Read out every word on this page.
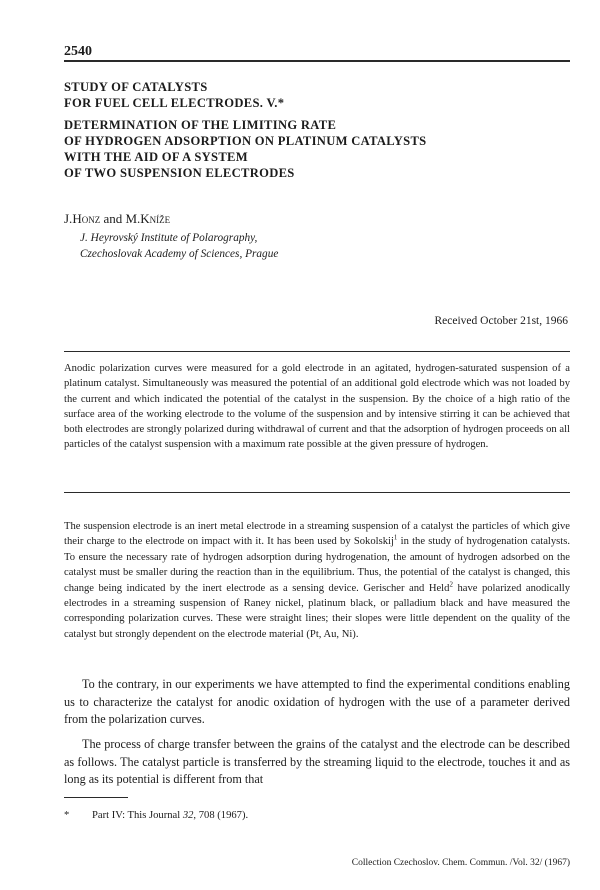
2540
STUDY OF CATALYSTS
FOR FUEL CELL ELECTRODES. V.*
DETERMINATION OF THE LIMITING RATE
OF HYDROGEN ADSORPTION ON PLATINUM CATALYSTS
WITH THE AID OF A SYSTEM
OF TWO SUSPENSION ELECTRODES
J.Honz and M.Kníže
J. Heyrovský Institute of Polarography,
Czechoslovak Academy of Sciences, Prague
Received October 21st, 1966
Anodic polarization curves were measured for a gold electrode in an agitated, hydrogen-saturated suspension of a platinum catalyst. Simultaneously was measured the potential of an additional gold electrode which was not loaded by the current and which indicated the potential of the catalyst in the suspension. By the choice of a high ratio of the surface area of the working electrode to the volume of the suspension and by intensive stirring it can be achieved that both electrodes are strongly polarized during withdrawal of current and that the adsorption of hydrogen proceeds on all particles of the catalyst suspension with a maximum rate possible at the given pressure of hydrogen.
The suspension electrode is an inert metal electrode in a streaming suspension of a catalyst the particles of which give their charge to the electrode on impact with it. It has been used by Sokolskij$^1$ in the study of hydrogenation catalysts. To ensure the necessary rate of hydrogen adsorption during hydrogenation, the amount of hydrogen adsorbed on the catalyst must be smaller during the reaction than in the equilibrium. Thus, the potential of the catalyst is changed, this change being indicated by the inert electrode as a sensing device. Gerischer and Held$^2$ have polarized anodically electrodes in a streaming suspension of Raney nickel, platinum black, or palladium black and have measured the corresponding polarization curves. These were straight lines; their slopes were little dependent on the quality of the catalyst but strongly dependent on the electrode material (Pt, Au, Ni).
To the contrary, in our experiments we have attempted to find the experimental conditions enabling us to characterize the catalyst for anodic oxidation of hydrogen with the use of a parameter derived from the polarization curves.
The process of charge transfer between the grains of the catalyst and the electrode can be described as follows. The catalyst particle is transferred by the streaming liquid to the electrode, touches it and as long as its potential is different from that
* Part IV: This Journal 32, 708 (1967).
Collection Czechoslov. Chem. Commun. /Vol. 32/ (1967)
